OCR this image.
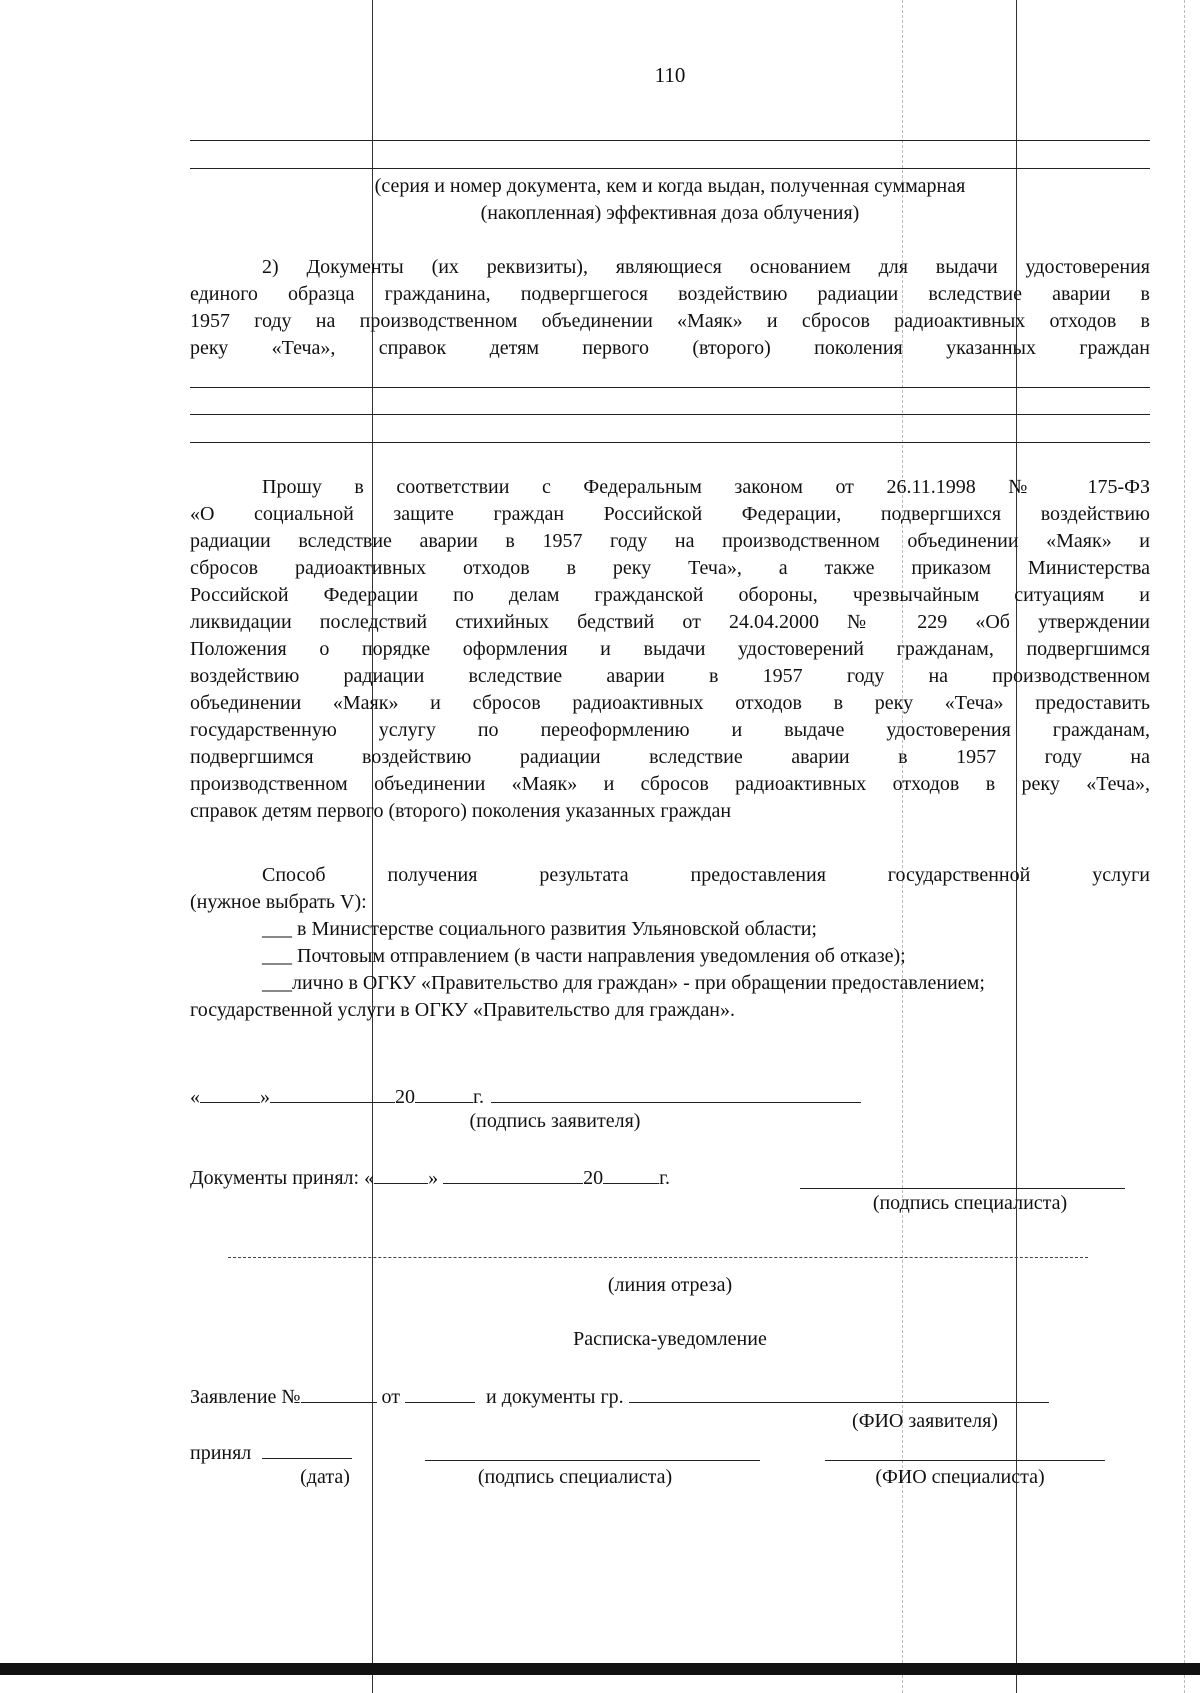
110
(серия и номер документа, кем и когда выдан, полученная суммарная
(накопленная) эффективная доза облучения)
2) Документы (их реквизиты), являющиеся основанием для выдачи удостоверения
единого образца гражданина, подвергшегося воздействию радиации вследствие аварии в
1957 году на производственном объединении «Маяк» и сбросов радиоактивных отходов в
реку «Теча», справок детям первого (второго) поколения указанных граждан
Прошу в соответствии с Федеральным законом от 26.11.1998 № 175-ФЗ
«О социальной защите граждан Российской Федерации, подвергшихся воздействию
радиации вследствие аварии в 1957 году на производственном объединении «Маяк» и
сбросов радиоактивных отходов в реку Теча», а также приказом Министерства
Российской Федерации по делам гражданской обороны, чрезвычайным ситуациям и
ликвидации последствий стихийных бедствий от 24.04.2000 № 229 «Об утверждении
Положения о порядке оформления и выдачи удостоверений гражданам, подвергшимся
воздействию радиации вследствие аварии в 1957 году на производственном
объединении «Маяк» и сбросов радиоактивных отходов в реку «Теча» предоставить
государственную услугу по переоформлению и выдаче удостоверения гражданам,
подвергшимся воздействию радиации вследствие аварии в 1957 году на
производственном объединении «Маяк» и сбросов радиоактивных отходов в реку «Теча»,
справок детям первого (второго) поколения указанных граждан
Способ получения результата предоставления государственной услуги
(нужное выбрать V):
___ в Министерстве социального развития Ульяновской области;
___ Почтовым отправлением (в части направления уведомления об отказе);
___лично в ОГКУ «Правительство для граждан» - при обращении предоставлением;
государственной услуги в ОГКУ «Правительство для граждан».
«	»	20	г.
(подпись заявителя)
Документы принял: «	»	20	г.
(подпись специалиста)
(линия отреза)
Расписка-уведомление
Заявление №	от	и документы гр.
(ФИО заявителя)
принял
(дата)	(подпись специалиста)	(ФИО специалиста)
